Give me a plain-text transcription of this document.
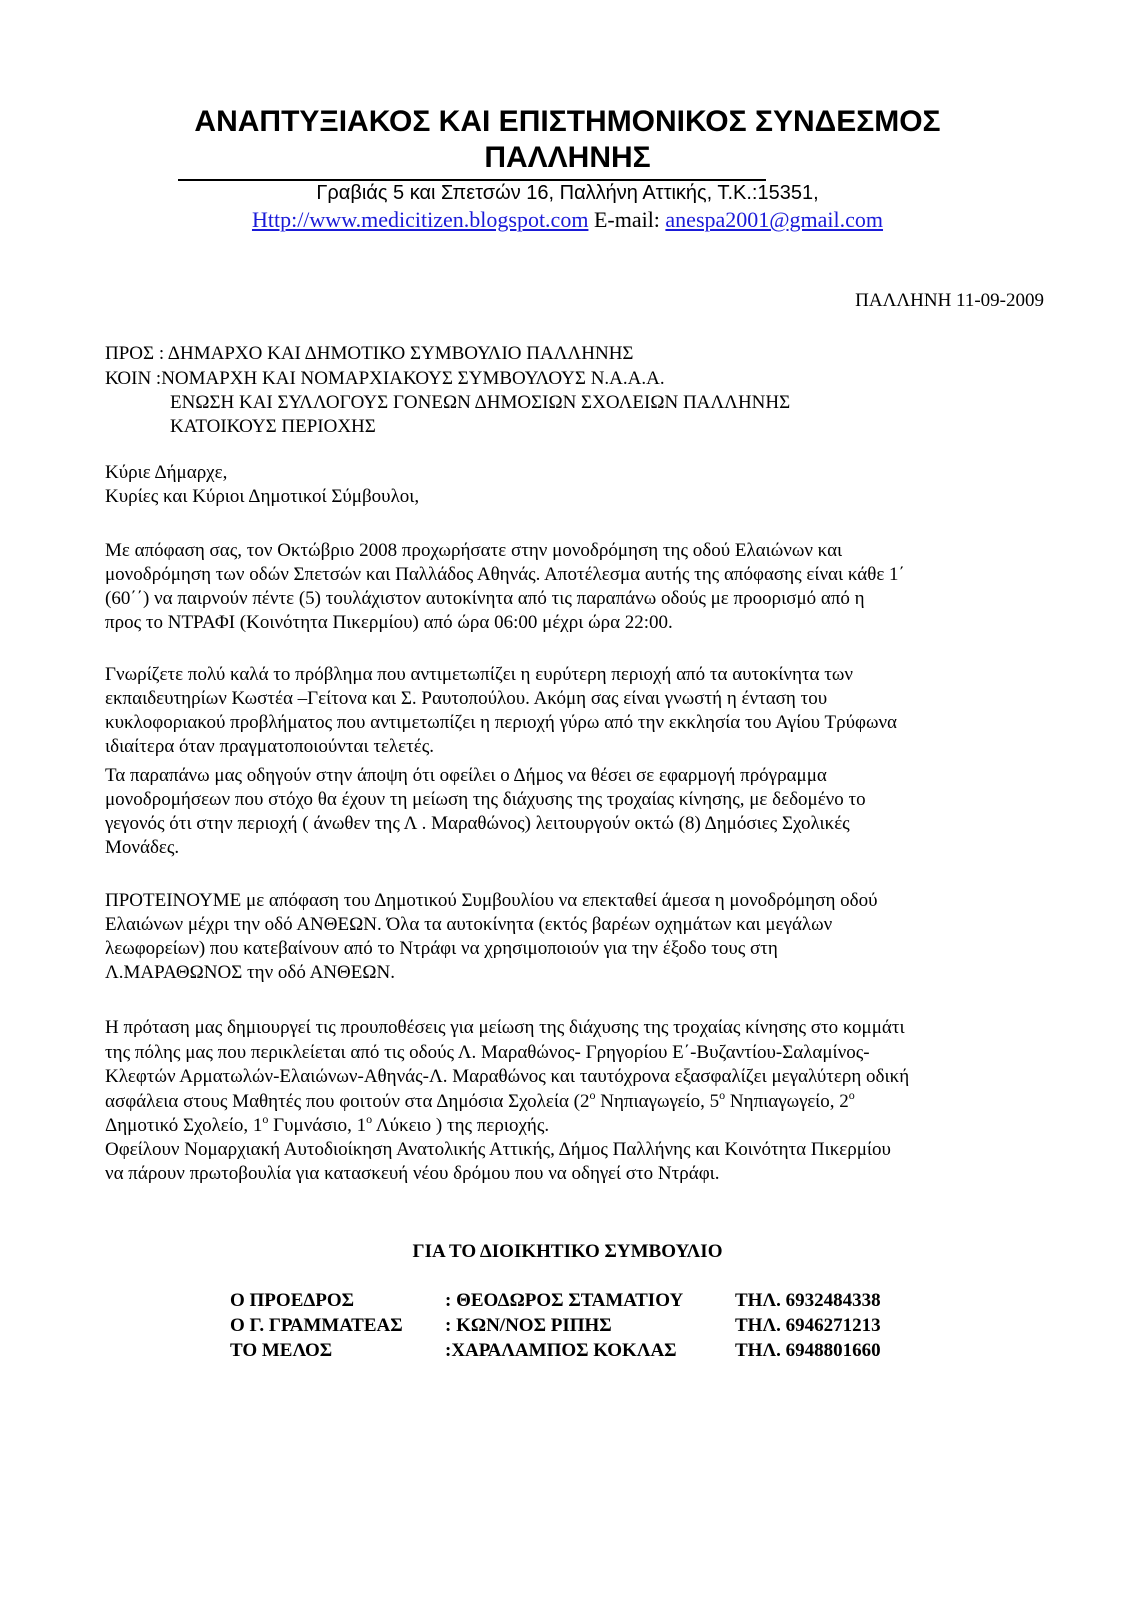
ΑΝΑΠΤΥΞΙΑΚΟΣ ΚΑΙ ΕΠΙΣΤΗΜΟΝΙΚΟΣ ΣΥΝΔΕΣΜΟΣ
ΠΑΛΛΗΝΗΣ
Γραβιάς 5 και Σπετσών 16, Παλλήνη Αττικής, Τ.Κ.:15351,
Http://www.medicitizen.blogspot.com E-mail: anespa2001@gmail.com
ΠΑΛΛΗΝΗ 11-09-2009
ΠΡΟΣ : ΔΗΜΑΡΧΟ ΚΑΙ ΔΗΜΟΤΙΚΟ ΣΥΜΒΟΥΛΙΟ ΠΑΛΛΗΝΗΣ
ΚΟΙΝ :ΝΟΜΑΡΧΗ ΚΑΙ ΝΟΜΑΡΧΙΑΚΟΥΣ ΣΥΜΒΟΥΛΟΥΣ Ν.Α.Α.Α.
ΕΝΩΣΗ ΚΑΙ ΣΥΛΛΟΓΟΥΣ ΓΟΝΕΩΝ ΔΗΜΟΣΙΩΝ ΣΧΟΛΕΙΩΝ ΠΑΛΛΗΝΗΣ
ΚΑΤΟΙΚΟΥΣ ΠΕΡΙΟΧΗΣ
Κύριε Δήμαρχε,
Κυρίες και Κύριοι Δημοτικοί Σύμβουλοι,
Με απόφαση σας, τον Οκτώβριο 2008 προχωρήσατε στην μονοδρόμηση της οδού Ελαιώνων και
μονοδρόμηση των οδών Σπετσών και Παλλάδος Αθηνάς. Αποτέλεσμα αυτής της απόφασης είναι κάθε 1΄
(60΄΄) να παιρνούν πέντε (5) τουλάχιστον αυτοκίνητα από τις παραπάνω οδούς με προορισμό από η
προς το ΝΤΡΑΦΙ (Κοινότητα Πικερμίου) από ώρα 06:00 μέχρι ώρα 22:00.
Γνωρίζετε πολύ καλά το πρόβλημα που αντιμετωπίζει η ευρύτερη περιοχή από τα αυτοκίνητα των
εκπαιδευτηρίων Κωστέα –Γείτονα και Σ. Ραυτοπούλου. Ακόμη σας είναι γνωστή η ένταση του
κυκλοφοριακού προβλήματος που αντιμετωπίζει η περιοχή γύρω από την εκκλησία του Αγίου Τρύφωνα
ιδιαίτερα όταν πραγματοποιούνται τελετές.
Τα παραπάνω μας οδηγούν στην άποψη ότι οφείλει ο Δήμος να θέσει σε εφαρμογή πρόγραμμα
μονοδρομήσεων που στόχο θα έχουν τη μείωση της διάχυσης της τροχαίας κίνησης, με δεδομένο το
γεγονός ότι στην περιοχή ( άνωθεν της Λ . Μαραθώνος) λειτουργούν οκτώ (8) Δημόσιες Σχολικές
Μονάδες.
ΠΡΟΤΕΙΝΟΥΜΕ με απόφαση του Δημοτικού Συμβουλίου να επεκταθεί άμεσα η μονοδρόμηση οδού
Ελαιώνων μέχρι την οδό ΑΝΘΕΩΝ. Όλα τα αυτοκίνητα (εκτός βαρέων οχημάτων και μεγάλων
λεωφορείων) που κατεβαίνουν από το Ντράφι να χρησιμοποιούν για την έξοδο τους στη
Λ.ΜΑΡΑΘΩΝΟΣ την οδό ΑΝΘΕΩΝ.
Η πρόταση μας δημιουργεί τις προυποθέσεις για μείωση της διάχυσης της τροχαίας κίνησης στο κομμάτι
της πόλης μας που περικλείεται από τις οδούς Λ. Μαραθώνος- Γρηγορίου Ε΄-Βυζαντίου-Σαλαμίνος-
Κλεφτών Αρματωλών-Ελαιώνων-Αθηνάς-Λ. Μαραθώνος και ταυτόχρονα εξασφαλίζει μεγαλύτερη οδική
ασφάλεια στους Μαθητές που φοιτούν στα Δημόσια Σχολεία ($2^o$ Νηπιαγωγείο, $5^o$ Νηπιαγωγείο, $2^o$
Δημοτικό Σχολείο, $1^o$ Γυμνάσιο, $1^o$ Λύκειο ) της περιοχής.
Οφείλουν Νομαρχιακή Αυτοδιοίκηση Ανατολικής Αττικής, Δήμος Παλλήνης και Κοινότητα Πικερμίου
να πάρουν πρωτοβουλία για κατασκευή νέου δρόμου που να οδηγεί στο Ντράφι.
ΓΙΑ ΤΟ ΔΙΟΙΚΗΤΙΚΟ ΣΥΜΒΟΥΛΙΟ
Ο ΠΡΟΕΔΡΟΣ	: ΘΕΟΔΩΡΟΣ ΣΤΑΜΑΤΙΟΥ	ΤΗΛ. 6932484338
Ο Γ. ΓΡΑΜΜΑΤΕΑΣ : ΚΩΝ/ΝΟΣ ΡΙΠΗΣ	ΤΗΛ. 6946271213
ΤΟ ΜΕΛΟΣ	:ΧΑΡΑΛΑΜΠΟΣ ΚΟΚΛΑΣ	ΤΗΛ. 6948801660
